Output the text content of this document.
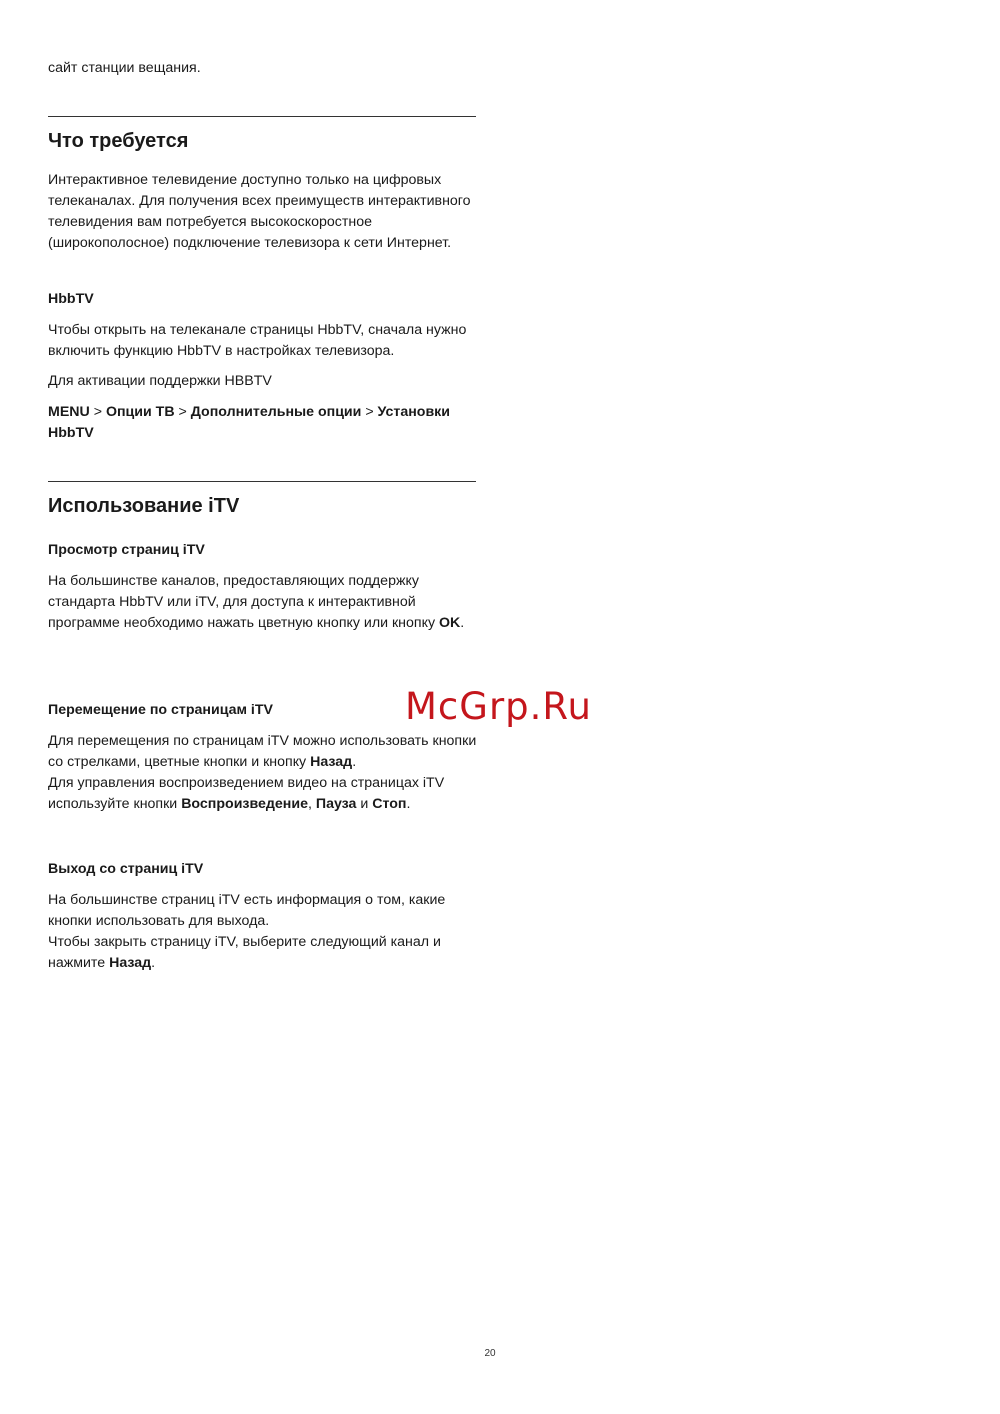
сайт станции вещания.

Что требуется

Интерактивное телевидение доступно только на цифровых телеканалах. Для получения всех преимуществ интерактивного телевидения вам потребуется высокоскоростное (широкополосное) подключение телевизора к сети Интернет.

HbbTV

Чтобы открыть на телеканале страницы HbbTV, сначала нужно включить функцию HbbTV в настройках телевизора.

Для активации поддержки HBBTV

MENU > Опции ТВ > Дополнительные опции > Установки HbbTV

Использование iTV

Просмотр страниц iTV

На большинстве каналов, предоставляющих поддержку стандарта HbbTV или iTV, для доступа к интерактивной программе необходимо нажать цветную кнопку или кнопку OK.

Перемещение по страницам iTV

Для перемещения по страницам iTV можно использовать кнопки со стрелками, цветные кнопки и кнопку Назад.

Для управления воспроизведением видео на страницах iTV используйте кнопки Воспроизведение, Пауза и Стоп.

Выход со страниц iTV

На большинстве страниц iTV есть информация о том, какие кнопки использовать для выхода.

Чтобы закрыть страницу iTV, выберите следующий канал и нажмите Назад.

McGrp.Ru
20
